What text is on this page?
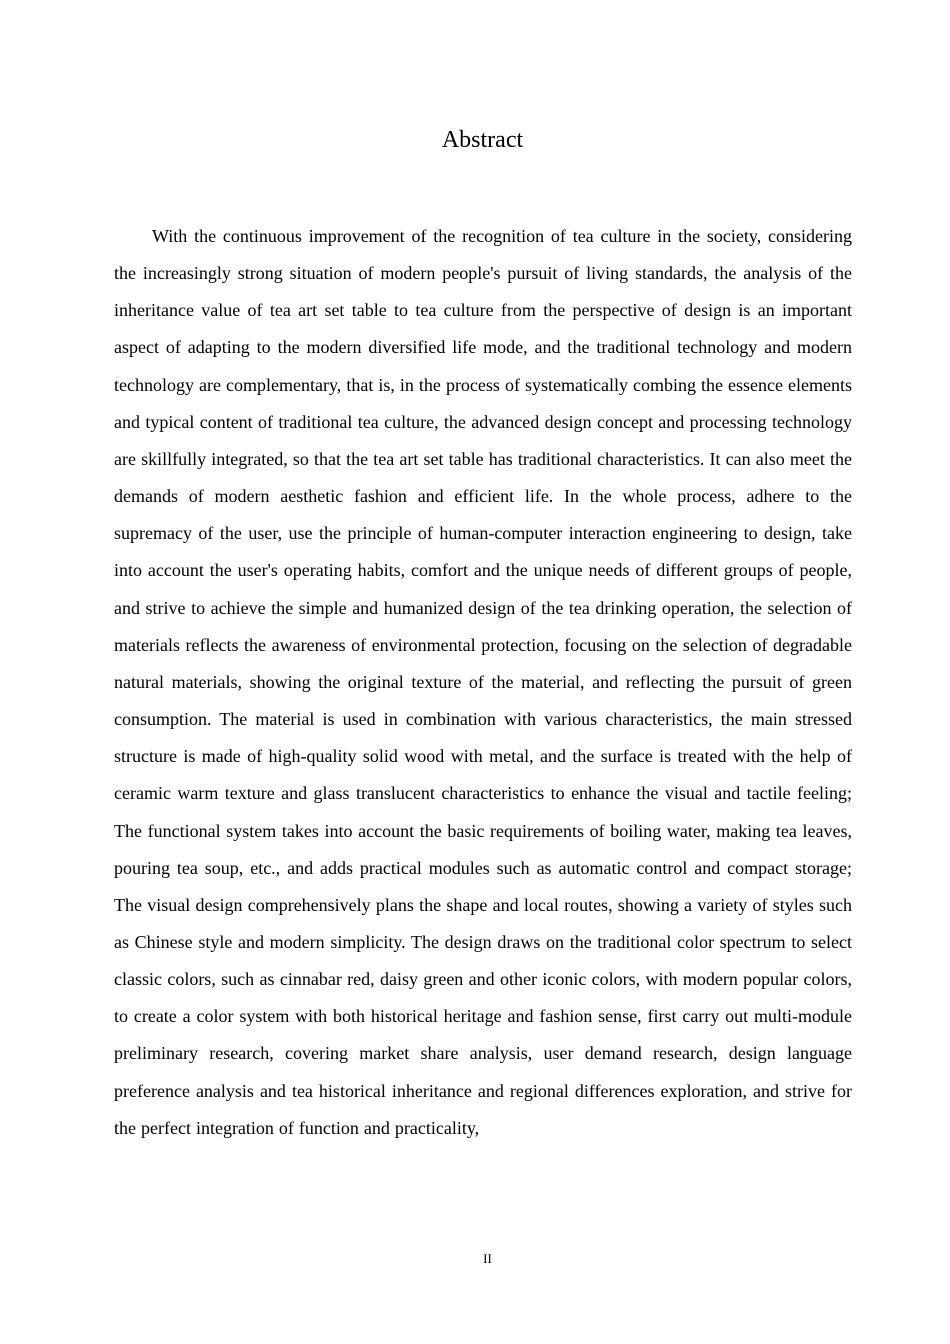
Abstract

With the continuous improvement of the recognition of tea culture in the society, considering the increasingly strong situation of modern people's pursuit of living standards, the analysis of the inheritance value of tea art set table to tea culture from the perspective of design is an important aspect of adapting to the modern diversified life mode, and the traditional technology and modern technology are complementary, that is, in the process of systematically combing the essence elements and typical content of traditional tea culture, the advanced design concept and processing technology are skillfully integrated, so that the tea art set table has traditional characteristics. It can also meet the demands of modern aesthetic fashion and efficient life. In the whole process, adhere to the supremacy of the user, use the principle of human-computer interaction engineering to design, take into account the user's operating habits, comfort and the unique needs of different groups of people, and strive to achieve the simple and humanized design of the tea drinking operation, the selection of materials reflects the awareness of environmental protection, focusing on the selection of degradable natural materials, showing the original texture of the material, and reflecting the pursuit of green consumption. The material is used in combination with various characteristics, the main stressed structure is made of high-quality solid wood with metal, and the surface is treated with the help of ceramic warm texture and glass translucent characteristics to enhance the visual and tactile feeling; The functional system takes into account the basic requirements of boiling water, making tea leaves, pouring tea soup, etc., and adds practical modules such as automatic control and compact storage; The visual design comprehensively plans the shape and local routes, showing a variety of styles such as Chinese style and modern simplicity. The design draws on the traditional color spectrum to select classic colors, such as cinnabar red, daisy green and other iconic colors, with modern popular colors, to create a color system with both historical heritage and fashion sense, first carry out multi-module preliminary research, covering market share analysis, user demand research, design language preference analysis and tea historical inheritance and regional differences exploration, and strive for the perfect integration of function and practicality,

II
